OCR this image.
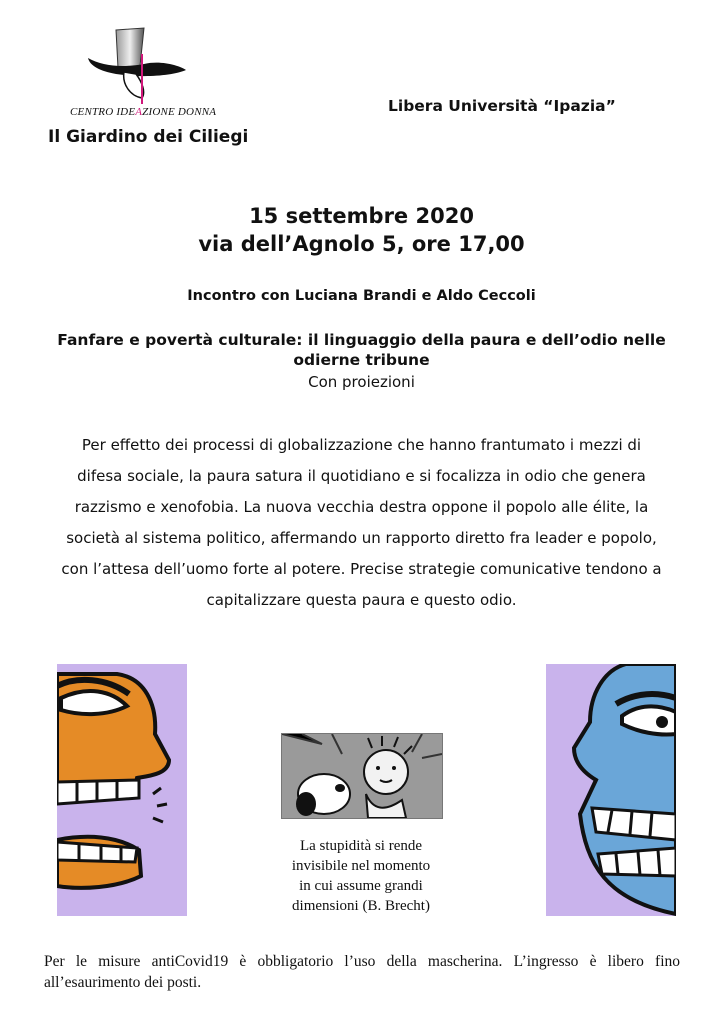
CENTRO IDEAZIONE DONNA
Il Giardino dei Ciliegi
Libera Università “Ipazia”
15 settembre 2020
via dell’Agnolo 5, ore 17,00
Incontro con Luciana Brandi e Aldo Ceccoli
Fanfare e povertà culturale: il linguaggio della paura e dell’odio nelle
odierne tribune
Con proiezioni
Per effetto dei processi di globalizzazione che hanno frantumato i mezzi di
difesa sociale, la paura satura il quotidiano e si focalizza in odio che genera
razzismo e xenofobia. La nuova vecchia destra oppone il popolo alle élite, la
società al sistema politico, affermando un rapporto diretto fra leader e popolo,
con l’attesa dell’uomo forte al potere. Precise strategie comunicative tendono a
capitalizzare questa paura e questo odio.
La stupidità si rende
invisibile nel momento
in cui assume grandi
dimensioni (B. Brecht)
Per le misure antiCovid19 è obbligatorio l’uso della mascherina. L’ingresso è libero fino all’esaurimento dei posti.
